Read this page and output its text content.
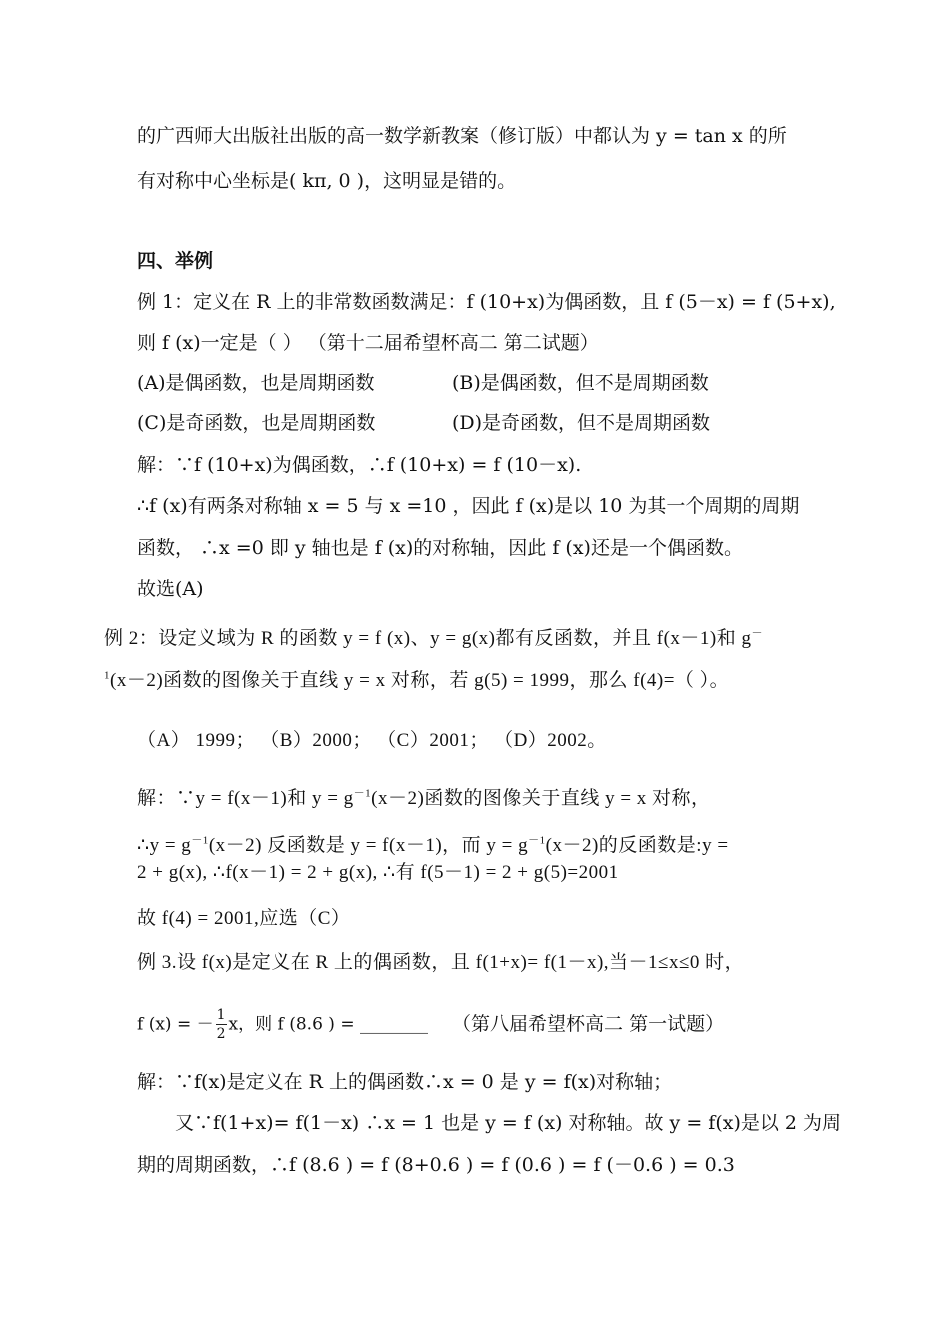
的广西师大出版社出版的高一数学新教案（修订版）中都认为 y = tan x 的所
有对称中心坐标是( kπ, 0 )，这明显是错的。
四、举例
例 1：定义在 R 上的非常数函数满足：f (10+x)为偶函数，且 f (5－x) = f (5+x),
则 f (x)一定是（ ） （第十二届希望杯高二 第二试题）
(A)是偶函数，也是周期函数	(B)是偶函数，但不是周期函数
(C)是奇函数，也是周期函数	(D)是奇函数，但不是周期函数
解：∵f (10+x)为偶函数，∴f (10+x) = f (10－x).
∴f (x)有两条对称轴 x = 5 与 x =10 ，因此 f (x)是以 10 为其一个周期的周期
函数， ∴x =0 即 y 轴也是 f (x)的对称轴，因此 f (x)还是一个偶函数。
故选(A)
例 2：设定义域为 R 的函数 y = f (x)、y = g(x)都有反函数，并且 f(x－1)和 g－
$^1$(x－2)函数的图像关于直线 y = x 对称，若 g(5) = 1999，那么 f(4)=（ ）。
（A） 1999； （B）2000； （C）2001； （D）2002。
解：∵y = f(x－1)和 $y = g^{-1}(x-2)$函数的图像关于直线 y = x 对称，
∴y = $g^{-1}(x-2)$ 反函数是 y = f(x－1)，而 $y = g^{-1}(x-2)$的反函数是:y =
2 + g(x), ∴f(x－1) = 2 + g(x), ∴有 f(5－1) = 2 + g(5)=2001
故 f(4) = 2001,应选（C）
例 3.设 f(x)是定义在 R 上的偶函数，且 f(1+x)= f(1－x),当－1≤x≤0 时，
f (x) = － $\frac{1}{2}$ x，则 f (8.6 ) = ________ （第八届希望杯高二 第一试题）
解：∵f(x)是定义在 R 上的偶函数∴x = 0 是 y = f(x)对称轴；
又∵f(1+x)= f(1－x) ∴x = 1 也是 y = f (x) 对称轴。故 y = f(x)是以 2 为周
期的周期函数，∴f (8.6 ) = f (8+0.6 ) = f (0.6 ) = f (－0.6 ) = 0.3
